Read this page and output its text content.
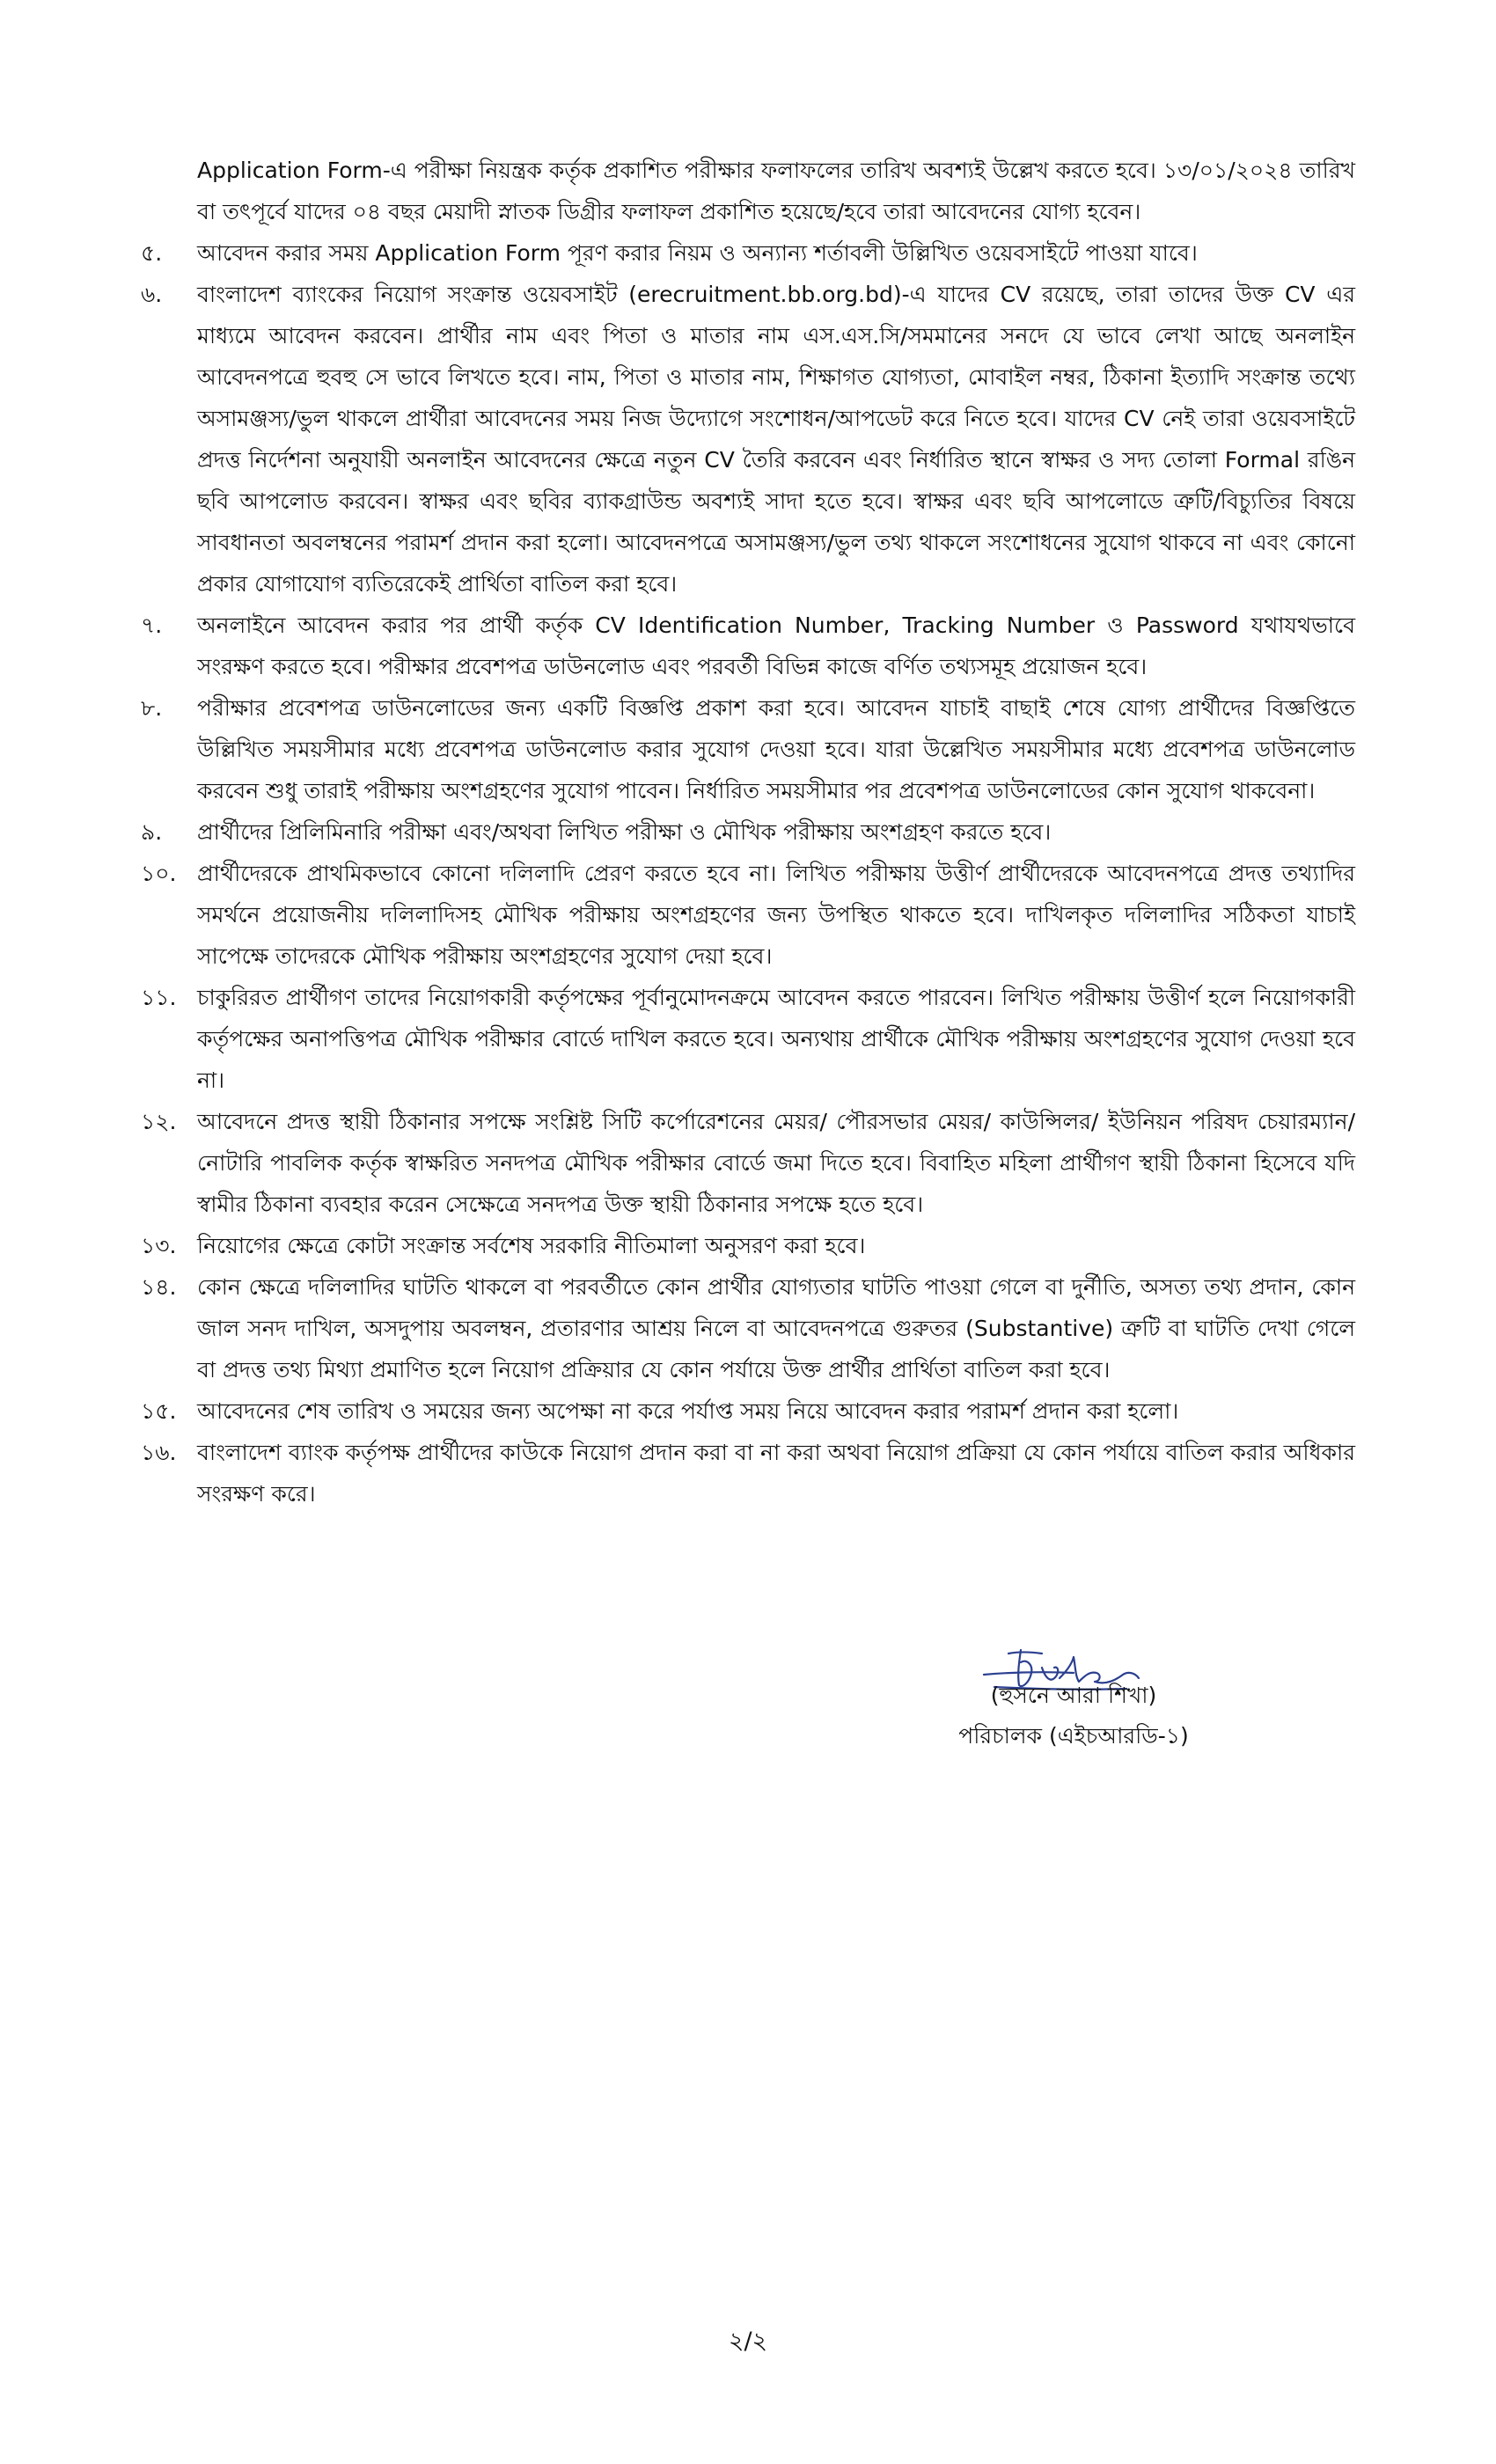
Application Form-এ পরীক্ষা নিয়ন্ত্রক কর্তৃক প্রকাশিত পরীক্ষার ফলাফলের তারিখ অবশ্যই উল্লেখ করতে হবে। ১৩/০১/২০২৪ তারিখ বা তৎপূর্বে যাদের ০৪ বছর মেয়াদী স্নাতক ডিগ্রীর ফলাফল প্রকাশিত হয়েছে/হবে তারা আবেদনের যোগ্য হবেন।

৫.	আবেদন করার সময় Application Form পূরণ করার নিয়ম ও অন্যান্য শর্তাবলী উল্লিখিত ওয়েবসাইটে পাওয়া যাবে।
৬.	বাংলাদেশ ব্যাংকের নিয়োগ সংক্রান্ত ওয়েবসাইট (erecruitment.bb.org.bd)-এ যাদের CV রয়েছে, তারা তাদের উক্ত CV এর মাধ্যমে আবেদন করবেন। প্রার্থীর নাম এবং পিতা ও মাতার নাম এস.এস.সি/সমমানের সনদে যে ভাবে লেখা আছে অনলাইন আবেদনপত্রে হুবহু সে ভাবে লিখতে হবে। নাম, পিতা ও মাতার নাম, শিক্ষাগত যোগ্যতা, মোবাইল নম্বর, ঠিকানা ইত্যাদি সংক্রান্ত তথ্যে অসামঞ্জস্য/ভুল থাকলে প্রার্থীরা আবেদনের সময় নিজ উদ্যোগে সংশোধন/আপডেট করে নিতে হবে। যাদের CV নেই তারা ওয়েবসাইটে প্রদত্ত নির্দেশনা অনুযায়ী অনলাইন আবেদনের ক্ষেত্রে নতুন CV তৈরি করবেন এবং নির্ধারিত স্থানে স্বাক্ষর ও সদ্য তোলা Formal রঙিন ছবি আপলোড করবেন। স্বাক্ষর এবং ছবির ব্যাকগ্রাউন্ড অবশ্যই সাদা হতে হবে। স্বাক্ষর এবং ছবি আপলোডে ত্রুটি/বিচ্যুতির বিষয়ে সাবধানতা অবলম্বনের পরামর্শ প্রদান করা হলো। আবেদনপত্রে অসামঞ্জস্য/ভুল তথ্য থাকলে সংশোধনের সুযোগ থাকবে না এবং কোনো প্রকার যোগাযোগ ব্যতিরেকেই প্রার্থিতা বাতিল করা হবে।
৭.	অনলাইনে আবেদন করার পর প্রার্থী কর্তৃক CV Identification Number, Tracking Number ও Password যথাযথভাবে সংরক্ষণ করতে হবে। পরীক্ষার প্রবেশপত্র ডাউনলোড এবং পরবর্তী বিভিন্ন কাজে বর্ণিত তথ্যসমূহ প্রয়োজন হবে।
৮.	পরীক্ষার প্রবেশপত্র ডাউনলোডের জন্য একটি বিজ্ঞপ্তি প্রকাশ করা হবে। আবেদন যাচাই বাছাই শেষে যোগ্য প্রার্থীদের বিজ্ঞপ্তিতে উল্লিখিত সময়সীমার মধ্যে প্রবেশপত্র ডাউনলোড করার সুযোগ দেওয়া হবে। যারা উল্লেখিত সময়সীমার মধ্যে প্রবেশপত্র ডাউনলোড করবেন শুধু তারাই পরীক্ষায় অংশগ্রহণের সুযোগ পাবেন। নির্ধারিত সময়সীমার পর প্রবেশপত্র ডাউনলোডের কোন সুযোগ থাকবেনা।
৯.	প্রার্থীদের প্রিলিমিনারি পরীক্ষা এবং/অথবা লিখিত পরীক্ষা ও মৌখিক পরীক্ষায় অংশগ্রহণ করতে হবে।
১০. প্রার্থীদেরকে প্রাথমিকভাবে কোনো দলিলাদি প্রেরণ করতে হবে না। লিখিত পরীক্ষায় উত্তীর্ণ প্রার্থীদেরকে আবেদনপত্রে প্রদত্ত তথ্যাদির সমর্থনে প্রয়োজনীয় দলিলাদিসহ মৌখিক পরীক্ষায় অংশগ্রহণের জন্য উপস্থিত থাকতে হবে। দাখিলকৃত দলিলাদির সঠিকতা যাচাই সাপেক্ষে তাদেরকে মৌখিক পরীক্ষায় অংশগ্রহণের সুযোগ দেয়া হবে।
১১. চাকুরিরত প্রার্থীগণ তাদের নিয়োগকারী কর্তৃপক্ষের পূর্বানুমোদনক্রমে আবেদন করতে পারবেন। লিখিত পরীক্ষায় উত্তীর্ণ হলে নিয়োগকারী কর্তৃপক্ষের অনাপত্তিপত্র মৌখিক পরীক্ষার বোর্ডে দাখিল করতে হবে। অন্যথায় প্রার্থীকে মৌখিক পরীক্ষায় অংশগ্রহণের সুযোগ দেওয়া হবে না।
১২. আবেদনে প্রদত্ত স্থায়ী ঠিকানার সপক্ষে সংশ্লিষ্ট সিটি কর্পোরেশনের মেয়র/ পৌরসভার মেয়র/ কাউন্সিলর/ ইউনিয়ন পরিষদ চেয়ারম্যান/ নোটারি পাবলিক কর্তৃক স্বাক্ষরিত সনদপত্র মৌখিক পরীক্ষার বোর্ডে জমা দিতে হবে। বিবাহিত মহিলা প্রার্থীগণ স্থায়ী ঠিকানা হিসেবে যদি স্বামীর ঠিকানা ব্যবহার করেন সেক্ষেত্রে সনদপত্র উক্ত স্থায়ী ঠিকানার সপক্ষে হতে হবে।
১৩. নিয়োগের ক্ষেত্রে কোটা সংক্রান্ত সর্বশেষ সরকারি নীতিমালা অনুসরণ করা হবে।
১৪. কোন ক্ষেত্রে দলিলাদির ঘাটতি থাকলে বা পরবর্তীতে কোন প্রার্থীর যোগ্যতার ঘাটতি পাওয়া গেলে বা দুর্নীতি, অসত্য তথ্য প্রদান, কোন জাল সনদ দাখিল, অসদুপায় অবলম্বন, প্রতারণার আশ্রয় নিলে বা আবেদনপত্রে গুরুতর (Substantive) ত্রুটি বা ঘাটতি দেখা গেলে বা প্রদত্ত তথ্য মিথ্যা প্রমাণিত হলে নিয়োগ প্রক্রিয়ার যে কোন পর্যায়ে উক্ত প্রার্থীর প্রার্থিতা বাতিল করা হবে।
১৫. আবেদনের শেষ তারিখ ও সময়ের জন্য অপেক্ষা না করে পর্যাপ্ত সময় নিয়ে আবেদন করার পরামর্শ প্রদান করা হলো।
১৬. বাংলাদেশ ব্যাংক কর্তৃপক্ষ প্রার্থীদের কাউকে নিয়োগ প্রদান করা বা না করা অথবা নিয়োগ প্রক্রিয়া যে কোন পর্যায়ে বাতিল করার অধিকার সংরক্ষণ করে।
(হুসনে আরা শিখা)
পরিচালক (এইচআরডি-১)
২/২
